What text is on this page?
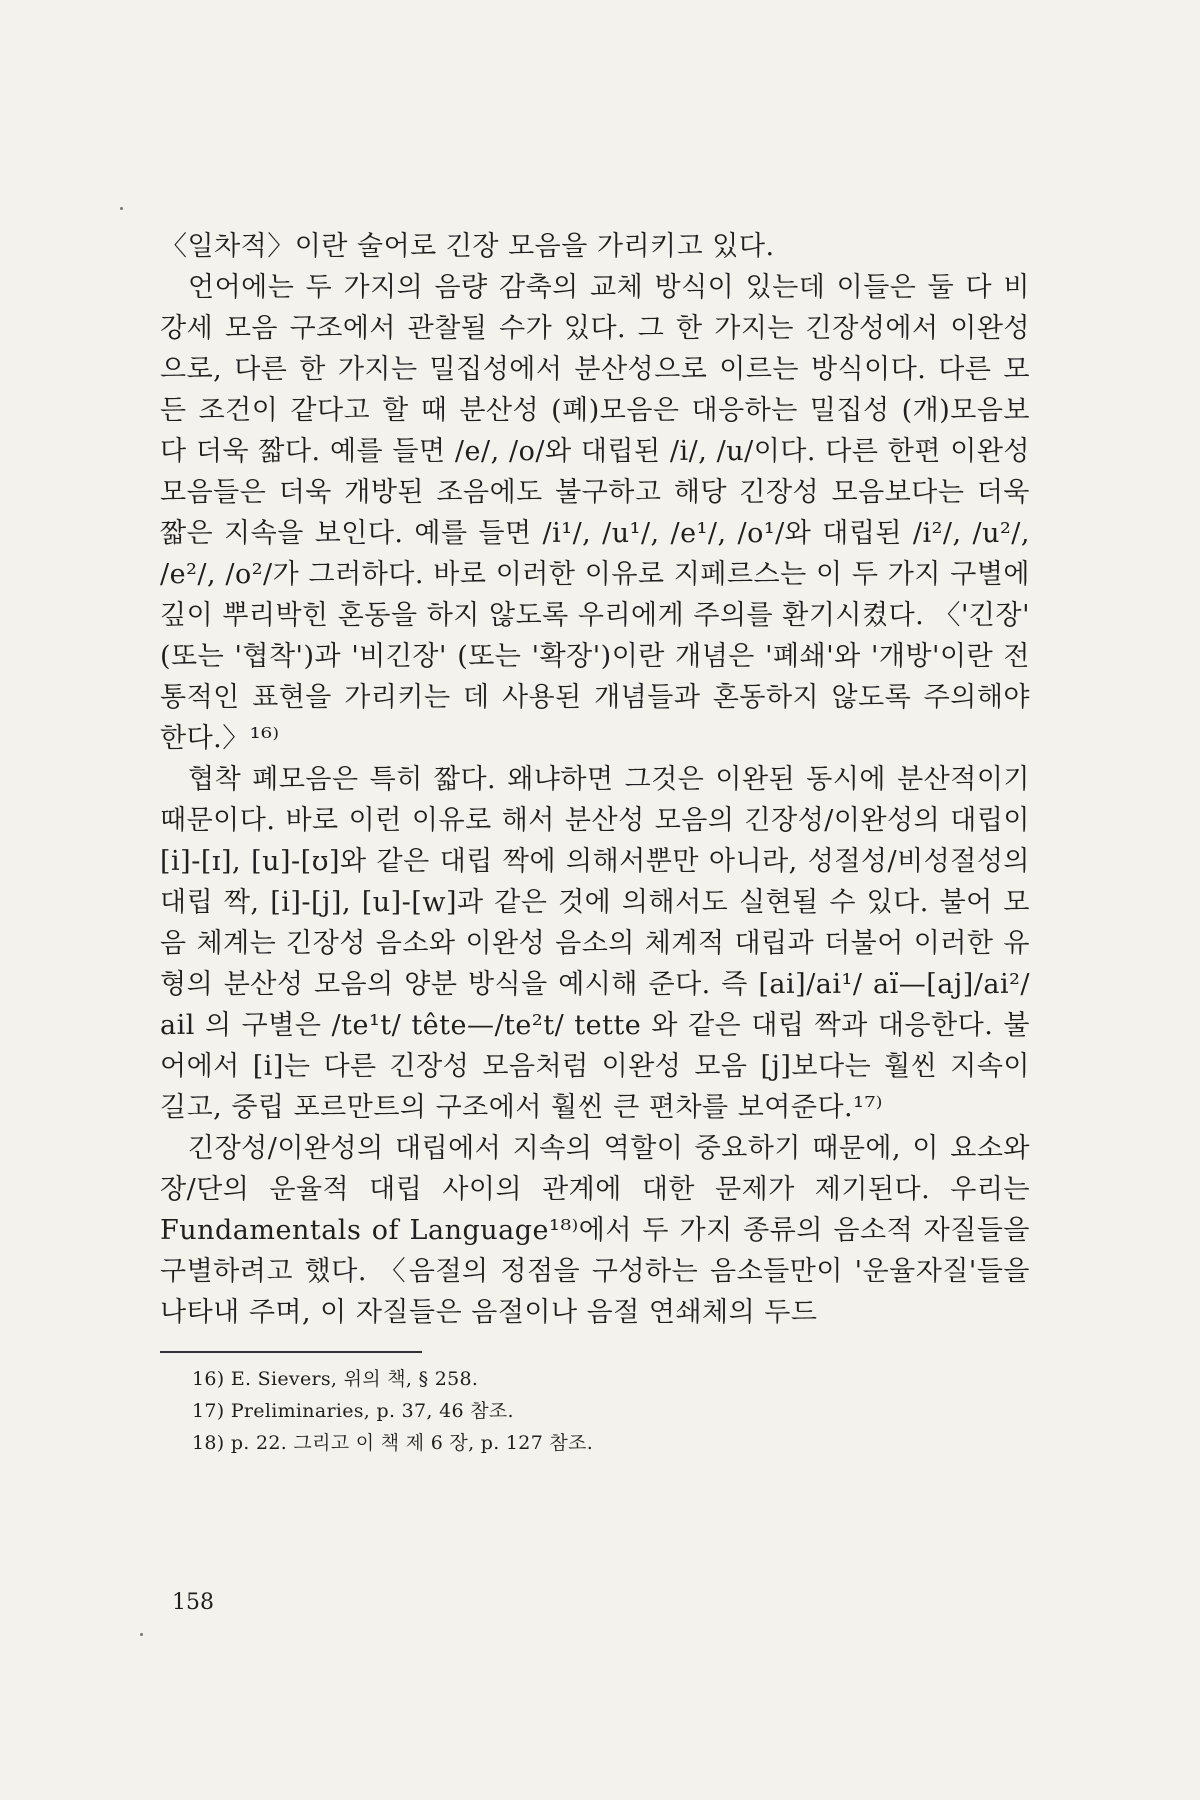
〈일차적〉이란 술어로 긴장 모음을 가리키고 있다.

언어에는 두 가지의 음량 감축의 교체 방식이 있는데 이들은 둘 다 비강세 모음 구조에서 관찰될 수가 있다. 그 한 가지는 긴장성에서 이완성으로, 다른 한 가지는 밀집성에서 분산성으로 이르는 방식이다. 다른 모든 조건이 같다고 할 때 분산성 (폐)모음은 대응하는 밀집성 (개)모음보다 더욱 짧다. 예를 들면 /e/, /o/와 대립된 /i/, /u/이다. 다른 한편 이완성 모음들은 더욱 개방된 조음에도 불구하고 해당 긴장성 모음보다는 더욱 짧은 지속을 보인다. 예를 들면 /i¹/, /u¹/, /e¹/, /o¹/와 대립된 /i²/, /u²/, /e²/, /o²/가 그러하다. 바로 이러한 이유로 지페르스는 이 두 가지 구별에 깊이 뿌리박힌 혼동을 하지 않도록 우리에게 주의를 환기시켰다. 〈'긴장' (또는 '협착')과 '비긴장' (또는 '확장')이란 개념은 '폐쇄'와 '개방'이란 전통적인 표현을 가리키는 데 사용된 개념들과 혼동하지 않도록 주의해야 한다.〉¹⁶⁾

협착 폐모음은 특히 짧다. 왜냐하면 그것은 이완된 동시에 분산적이기 때문이다. 바로 이런 이유로 해서 분산성 모음의 긴장성/이완성의 대립이 [i]-[ɪ], [u]-[ʊ]와 같은 대립 짝에 의해서뿐만 아니라, 성절성/비성절성의 대립 짝, [i]-[j], [u]-[w]과 같은 것에 의해서도 실현될 수 있다. 불어 모음 체계는 긴장성 음소와 이완성 음소의 체계적 대립과 더불어 이러한 유형의 분산성 모음의 양분 방식을 예시해 준다. 즉 [ai]/ai¹/ aï—[aj]/ai²/ ail 의 구별은 /te¹t/ tête—/te²t/ tette 와 같은 대립 짝과 대응한다. 불어에서 [i]는 다른 긴장성 모음처럼 이완성 모음 [j]보다는 훨씬 지속이 길고, 중립 포르만트의 구조에서 훨씬 큰 편차를 보여준다.¹⁷⁾

긴장성/이완성의 대립에서 지속의 역할이 중요하기 때문에, 이 요소와 장/단의 운율적 대립 사이의 관계에 대한 문제가 제기된다. 우리는 Fundamentals of Language¹⁸⁾에서 두 가지 종류의 음소적 자질들을 구별하려고 했다. 〈음절의 정점을 구성하는 음소들만이 '운율자질'들을 나타내 주며, 이 자질들은 음절이나 음절 연쇄체의 두드

16) E. Sievers, 위의 책, § 258.
17) Preliminaries, p. 37, 46 참조.
18) p. 22. 그리고 이 책 제 6 장, p. 127 참조.
158
